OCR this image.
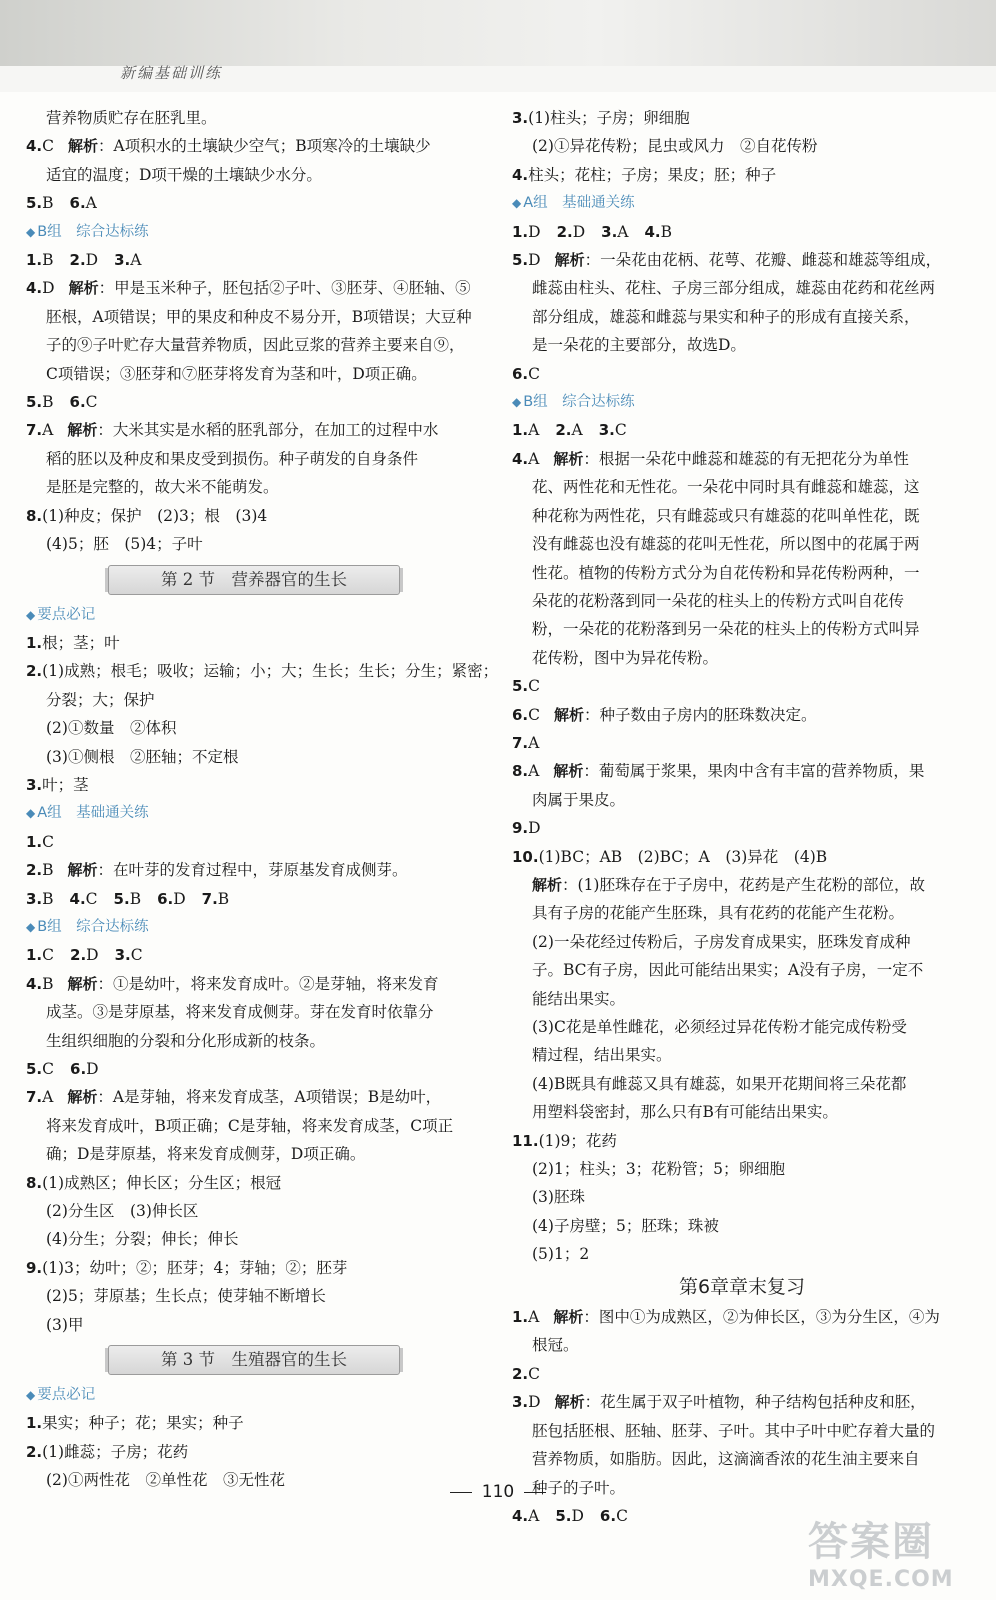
新编基础训练
营养物质贮存在胚乳里。
4.C 解析：A项积水的土壤缺少空气；B项寒冷的土壤缺少
适宜的温度；D项干燥的土壤缺少水分。
5.B 6.A
◆ B组　综合达标练
1.B 2.D 3.A
4.D 解析：甲是玉米种子，胚包括②子叶、③胚芽、④胚轴、⑤
胚根，A项错误；甲的果皮和种皮不易分开，B项错误；大豆种
子的⑨子叶贮存大量营养物质，因此豆浆的营养主要来自⑨，
C项错误；③胚芽和⑦胚芽将发育为茎和叶，D项正确。
5.B 6.C
7.A 解析：大米其实是水稻的胚乳部分，在加工的过程中水
稻的胚以及种皮和果皮受到损伤。种子萌发的自身条件
是胚是完整的，故大米不能萌发。
8.(1)种皮；保护　(2)3；根　(3)4
(4)5；胚　(5)4；子叶
第 2 节　营养器官的生长
◆ 要点必记
1.根；茎；叶
2.(1)成熟；根毛；吸收；运输；小；大；生长；生长；分生；紧密；
分裂；大；保护
(2)①数量　②体积
(3)①侧根　②胚轴；不定根
3.叶；茎
◆ A组　基础通关练
1.C
2.B 解析：在叶芽的发育过程中，芽原基发育成侧芽。
3.B 4.C 5.B 6.D 7.B
◆ B组　综合达标练
1.C 2.D 3.C
4.B 解析：①是幼叶，将来发育成叶。②是芽轴，将来发育
成茎。③是芽原基，将来发育成侧芽。芽在发育时依靠分
生组织细胞的分裂和分化形成新的枝条。
5.C 6.D
7.A 解析：A是芽轴，将来发育成茎，A项错误；B是幼叶，
将来发育成叶，B项正确；C是芽轴，将来发育成茎，C项正
确；D是芽原基，将来发育成侧芽，D项正确。
8.(1)成熟区；伸长区；分生区；根冠
(2)分生区　(3)伸长区
(4)分生；分裂；伸长；伸长
9.(1)3；幼叶；②；胚芽；4；芽轴；②；胚芽
(2)5；芽原基；生长点；使芽轴不断增长
(3)甲
第 3 节　生殖器官的生长
◆ 要点必记
1.果实；种子；花；果实；种子
2.(1)雌蕊；子房；花药
(2)①两性花　②单性花　③无性花
3.(1)柱头；子房；卵细胞
(2)①异花传粉；昆虫或风力　②自花传粉
4.柱头；花柱；子房；果皮；胚；种子
◆ A组　基础通关练
1.D 2.D 3.A 4.B
5.D 解析：一朵花由花柄、花萼、花瓣、雌蕊和雄蕊等组成，
雌蕊由柱头、花柱、子房三部分组成，雄蕊由花药和花丝两
部分组成，雄蕊和雌蕊与果实和种子的形成有直接关系，
是一朵花的主要部分，故选D。
6.C
◆ B组　综合达标练
1.A 2.A 3.C
4.A 解析：根据一朵花中雌蕊和雄蕊的有无把花分为单性
花、两性花和无性花。一朵花中同时具有雌蕊和雄蕊，这
种花称为两性花，只有雌蕊或只有雄蕊的花叫单性花，既
没有雌蕊也没有雄蕊的花叫无性花，所以图中的花属于两
性花。植物的传粉方式分为自花传粉和异花传粉两种，一
朵花的花粉落到同一朵花的柱头上的传粉方式叫自花传
粉，一朵花的花粉落到另一朵花的柱头上的传粉方式叫异
花传粉，图中为异花传粉。
5.C
6.C 解析：种子数由子房内的胚珠数决定。
7.A
8.A 解析：葡萄属于浆果，果肉中含有丰富的营养物质，果
肉属于果皮。
9.D
10.(1)BC；AB　(2)BC；A　(3)异花　(4)B
解析：(1)胚珠存在于子房中，花药是产生花粉的部位，故
具有子房的花能产生胚珠，具有花药的花能产生花粉。
(2)一朵花经过传粉后，子房发育成果实，胚珠发育成种
子。BC有子房，因此可能结出果实；A没有子房，一定不
能结出果实。
(3)C花是单性雌花，必须经过异花传粉才能完成传粉受
精过程，结出果实。
(4)B既具有雌蕊又具有雄蕊，如果开花期间将三朵花都
用塑料袋密封，那么只有B有可能结出果实。
11.(1)9；花药
(2)1；柱头；3；花粉管；5；卵细胞
(3)胚珠
(4)子房壁；5；胚珠；珠被
(5)1；2
第6章章末复习
1.A 解析：图中①为成熟区，②为伸长区，③为分生区，④为
根冠。
2.C
3.D 解析：花生属于双子叶植物，种子结构包括种皮和胚，
胚包括胚根、胚轴、胚芽、子叶。其中子叶中贮存着大量的
营养物质，如脂肪。因此，这滴滴香浓的花生油主要来自
种子的子叶。
4.A 5.D 6.C
110
答案圈
MXQE.COM
